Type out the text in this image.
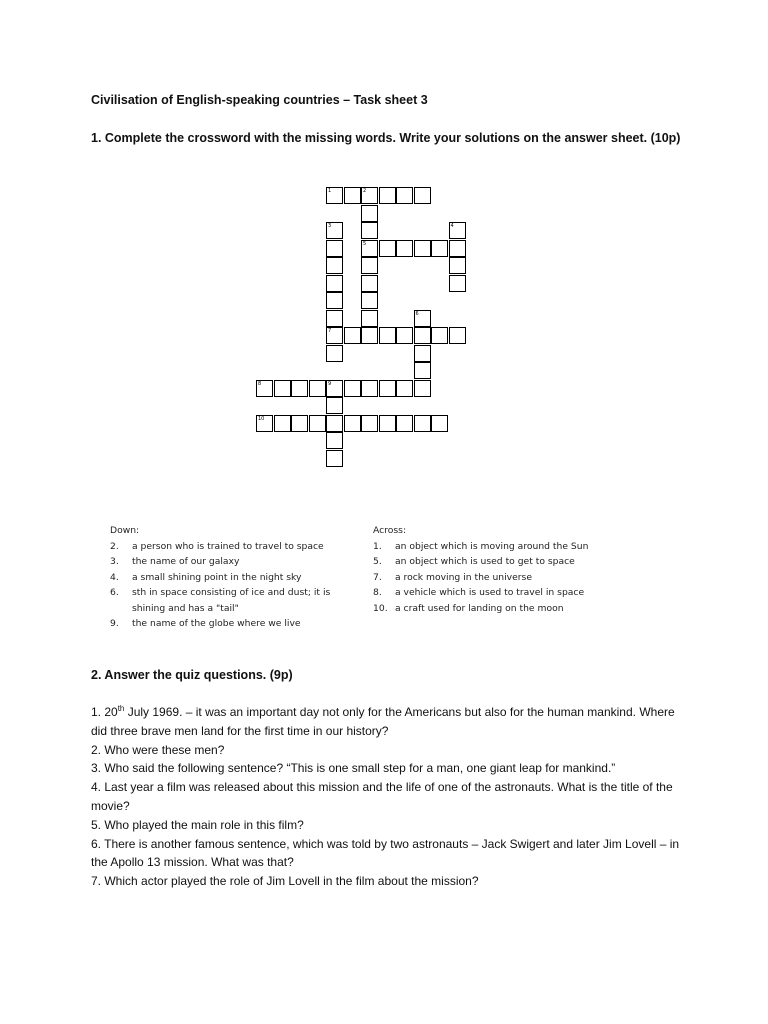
Civilisation of English-speaking countries – Task sheet 3
1. Complete the crossword with the missing words. Write your solutions on the answer sheet. (10p)
1	2
5
3
7
4
6
8	9
10
Down:
2. a person who is trained to travel to space
3. the name of our galaxy
4. a small shining point in the night sky
6. sth in space consisting of ice and dust; it is shining and has a "tail"
9. the name of the globe where we live
Across:
1. an object which is moving around the Sun
5. an object which is used to get to space
7. a rock moving in the universe
8. a vehicle which is used to travel in space
10. a craft used for landing on the moon
2. Answer the quiz questions. (9p)

1. 20th July 1969. – it was an important day not only for the Americans but also for the human mankind. Where did three brave men land for the first time in our history?

2. Who were these men?

3. Who said the following sentence? “This is one small step for a man, one giant leap for mankind.”

4. Last year a film was released about this mission and the life of one of the astronauts. What is the title of the movie?

5. Who played the main role in this film?

6. There is another famous sentence, which was told by two astronauts – Jack Swigert and later Jim Lovell – in the Apollo 13 mission. What was that?

7. Which actor played the role of Jim Lovell in the film about the mission?
